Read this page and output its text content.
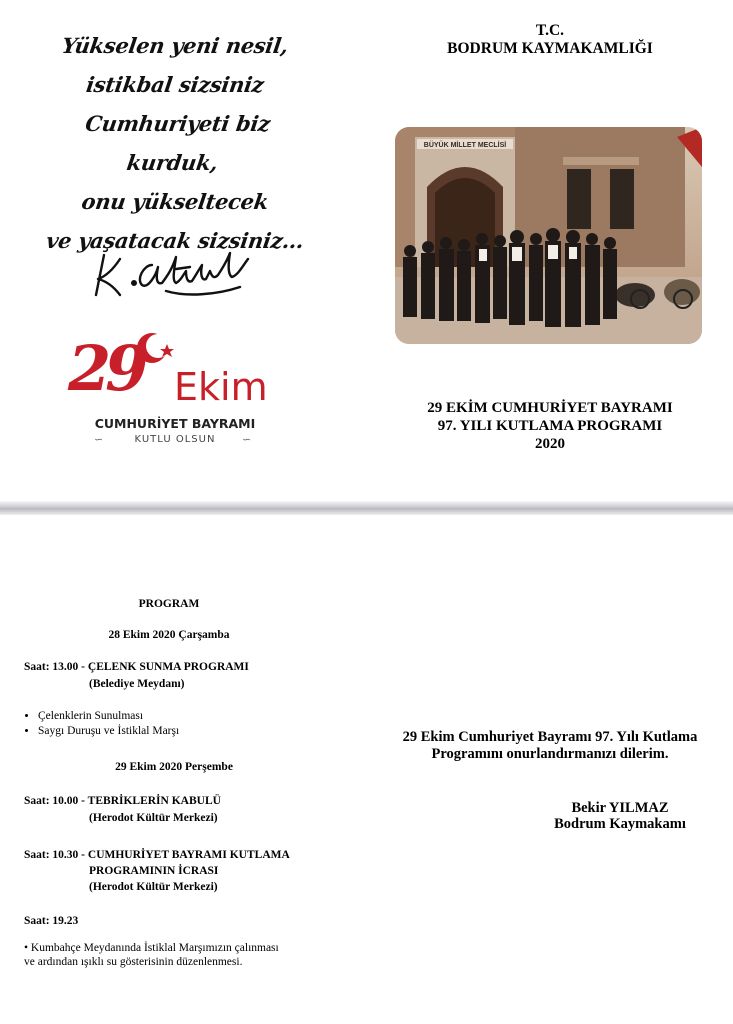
Yükselen yeni nesil,
istikbal sizsiniz
Cumhuriyeti biz kurduk,
onu yükseltecek
ve yaşatacak sizsiniz...
29 Ekim
CUMHURİYET BAYRAMI
KUTLU OLSUN
∽	∽
T.C.
BODRUM KAYMAKAMLIĞI
BÜYÜK MİLLET MECLİSİ
29 EKİM CUMHURİYET BAYRAMI
97. YILI KUTLAMA PROGRAMI
2020
PROGRAM
28 Ekim 2020 Çarşamba
Saat: 13.00 - ÇELENK SUNMA PROGRAMI
(Belediye Meydanı)
• Çelenklerin Sunulması
• Saygı Duruşu ve İstiklal Marşı
29 Ekim 2020 Perşembe
Saat: 10.00 - TEBRİKLERİN KABULÜ
(Herodot Kültür Merkezi)
Saat: 10.30 - CUMHURİYET BAYRAMI KUTLAMA
PROGRAMININ İCRASI
(Herodot Kültür Merkezi)
Saat: 19.23
• Kumbahçe Meydanında İstiklal Marşımızın çalınması
ve ardından ışıklı su gösterisinin düzenlenmesi.
29 Ekim Cumhuriyet Bayramı 97. Yılı Kutlama
Programını onurlandırmanızı dilerim.
Bekir YILMAZ
Bodrum Kaymakamı
